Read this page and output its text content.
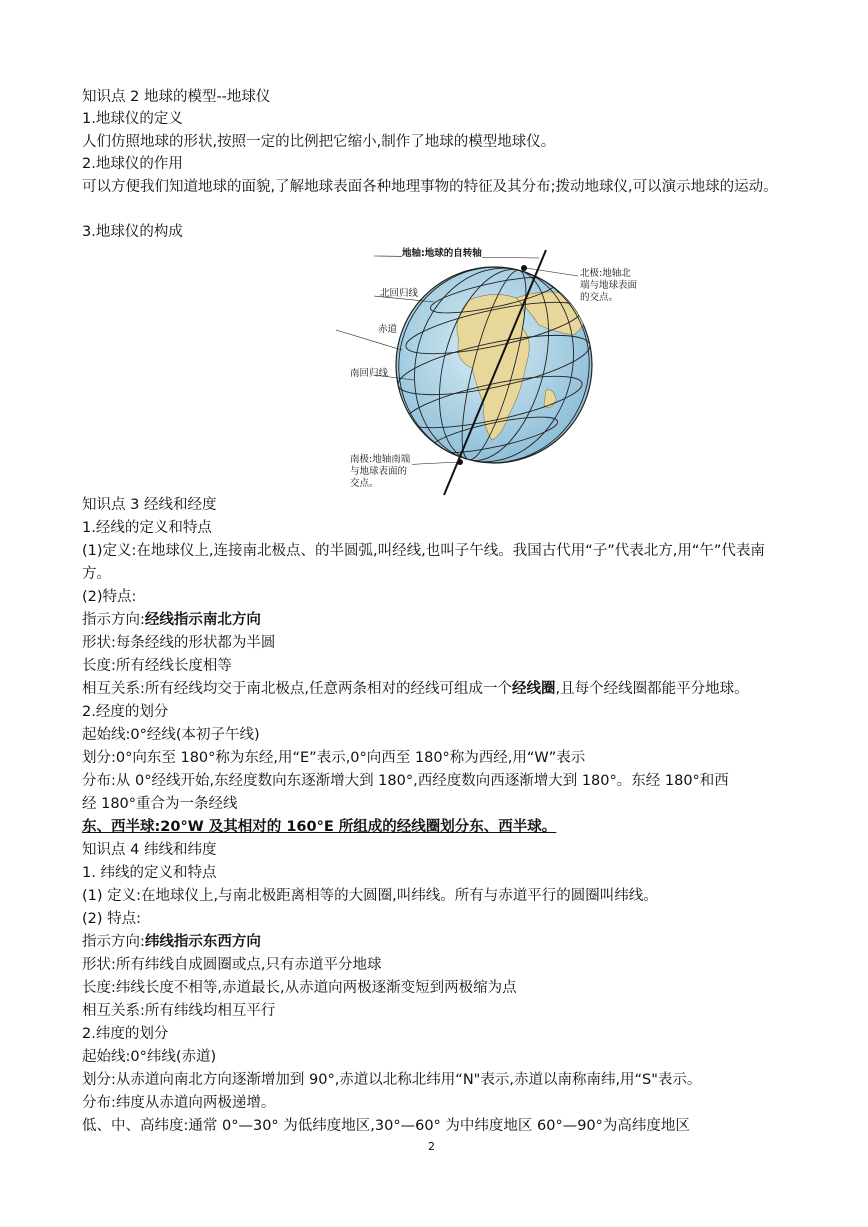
知识点 2 地球的模型--地球仪
1.地球仪的定义
人们仿照地球的形状,按照一定的比例把它缩小,制作了地球的模型地球仪。
2.地球仪的作用
可以方便我们知道地球的面貌,了解地球表面各种地理事物的特征及其分布;拨动地球仪,可以演示地球的运动。
3.地球仪的构成
地轴:地球的自转轴
北极:地轴北端与地球表面的交点。
北回归线
赤道
南回归线
南极:地轴南端与地球表面的交点。
知识点 3 经线和经度
1.经线的定义和特点
(1)定义:在地球仪上,连接南北极点、的半圆弧,叫经线,也叫子午线。我国古代用“子”代表北方,用“午”代表南方。
(2)特点:
指示方向:经线指示南北方向
形状:每条经线的形状都为半圆
长度:所有经线长度相等
相互关系:所有经线均交于南北极点,任意两条相对的经线可组成一个经线圈,且每个经线圈都能平分地球。
2.经度的划分
起始线:0°经线(本初子午线)
划分:0°向东至 180°称为东经,用“E”表示,0°向西至 180°称为西经,用“W”表示
分布:从 0°经线开始,东经度数向东逐渐增大到 180°,西经度数向西逐渐增大到 180°。东经 180°和西
经 180°重合为一条经线
东、西半球:20°W 及其相对的 160°E 所组成的经线圈划分东、西半球。
知识点 4 纬线和纬度
1. 纬线的定义和特点
(1) 定义:在地球仪上,与南北极距离相等的大圆圈,叫纬线。所有与赤道平行的圆圈叫纬线。
(2) 特点:
指示方向:纬线指示东西方向
形状:所有纬线自成圆圈或点,只有赤道平分地球
长度:纬线长度不相等,赤道最长,从赤道向两极逐渐变短到两极缩为点
相互关系:所有纬线均相互平行
2.纬度的划分
起始线:0°纬线(赤道)
划分:从赤道向南北方向逐渐增加到 90°,赤道以北称北纬用“N"表示,赤道以南称南纬,用“S"表示。
分布:纬度从赤道向两极递增。
低、中、高纬度:通常 0°—30° 为低纬度地区,30°—60° 为中纬度地区 60°—90°为高纬度地区
2
